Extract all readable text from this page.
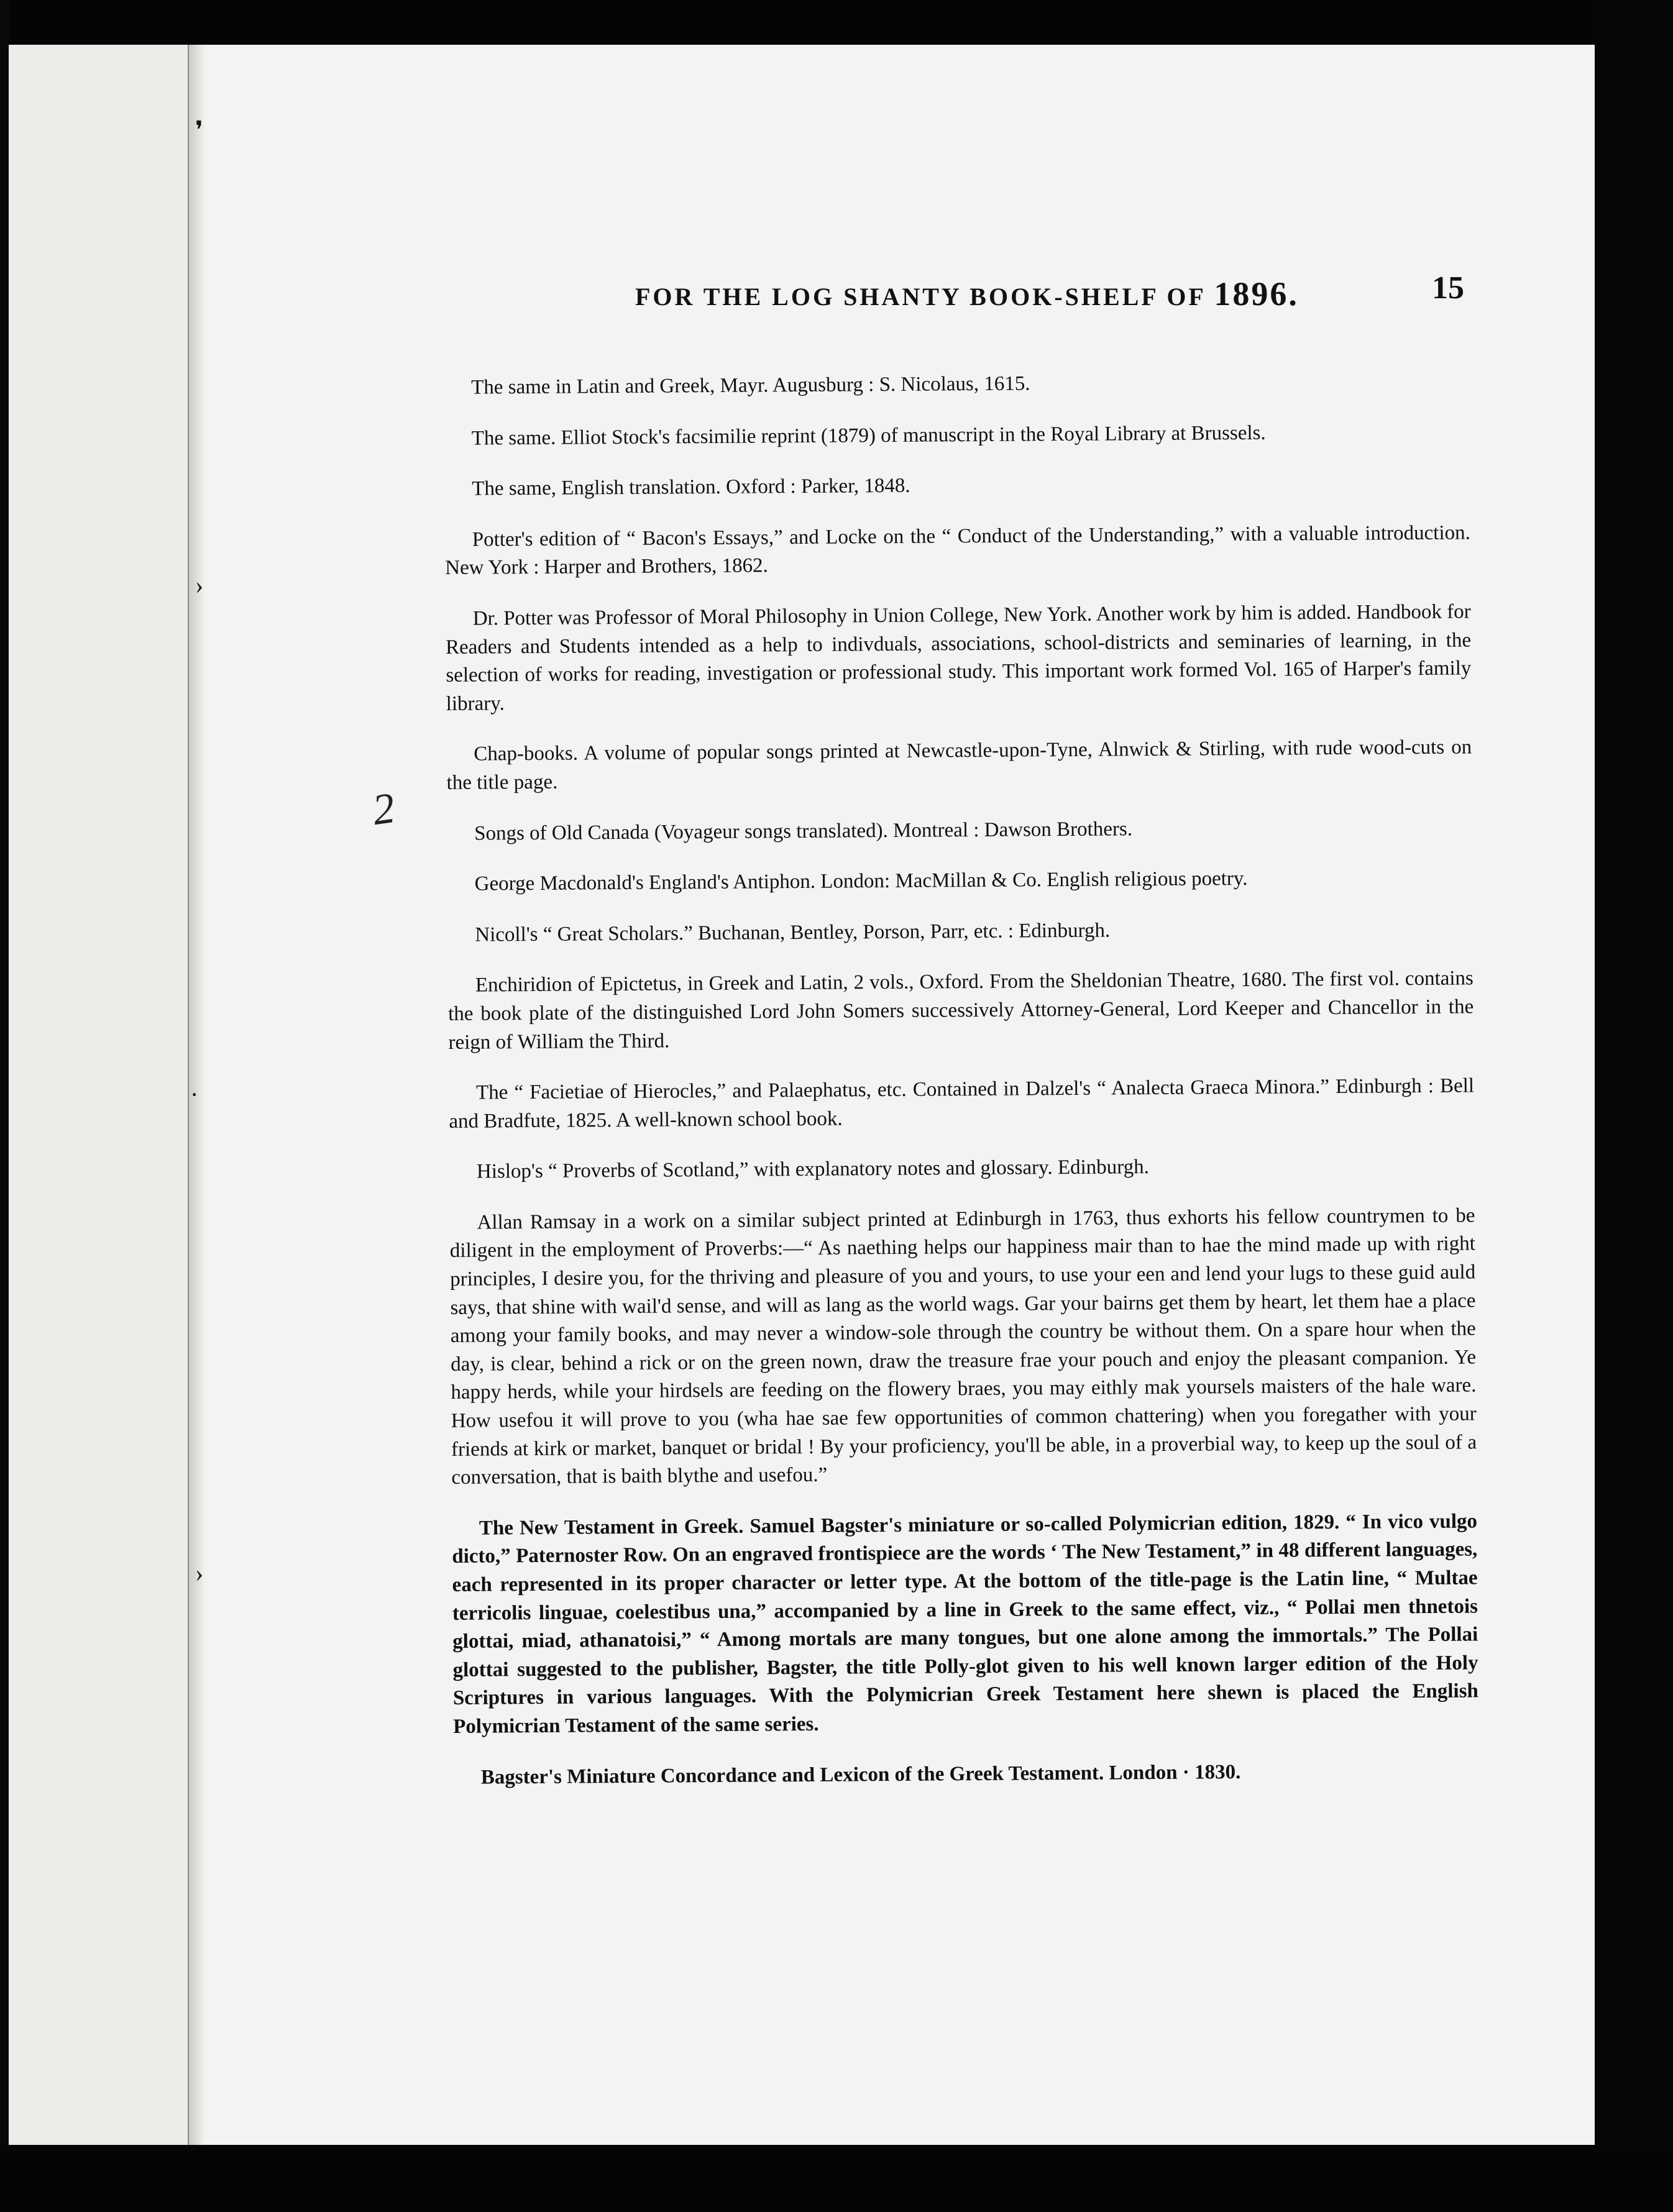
❜
›
·
›
2
FOR THE LOG SHANTY BOOK-SHELF OF 1896.	15

The same in Latin and Greek, Mayr. Augusburg : S. Nicolaus, 1615.

The same. Elliot Stock's facsimilie reprint (1879) of manuscript in the Royal Library at Brussels.

The same, English translation. Oxford : Parker, 1848.

Potter's edition of “ Bacon's Essays,” and Locke on the “ Conduct of the Understanding,” with a valuable introduction. New York : Harper and Brothers, 1862.

Dr. Potter was Professor of Moral Philosophy in Union College, New York. Another work by him is added. Handbook for Readers and Students intended as a help to indivduals, associations, school-districts and seminaries of learning, in the selection of works for reading, investigation or professional study. This important work formed Vol. 165 of Harper's family library.

Chap-books. A volume of popular songs printed at Newcastle-upon-Tyne, Alnwick & Stirling, with rude wood-cuts on the title page.

Songs of Old Canada (Voyageur songs translated). Montreal : Dawson Brothers.

George Macdonald's England's Antiphon. London: MacMillan & Co. English religious poetry.

Nicoll's “ Great Scholars.” Buchanan, Bentley, Porson, Parr, etc. : Edinburgh.

Enchiridion of Epictetus, in Greek and Latin, 2 vols., Oxford. From the Sheldonian Theatre, 1680. The first vol. contains the book plate of the distinguished Lord John Somers successively Attorney-General, Lord Keeper and Chancellor in the reign of William the Third.

The “ Facietiae of Hierocles,” and Palaephatus, etc. Contained in Dalzel's “ Analecta Graeca Minora.” Edinburgh : Bell and Bradfute, 1825. A well-known school book.

Hislop's “ Proverbs of Scotland,” with explanatory notes and glossary. Edinburgh.

Allan Ramsay in a work on a similar subject printed at Edinburgh in 1763, thus exhorts his fellow countrymen to be diligent in the employment of Proverbs:—“ As naething helps our happiness mair than to hae the mind made up with right principles, I desire you, for the thriving and pleasure of you and yours, to use your een and lend your lugs to these guid auld says, that shine with wail'd sense, and will as lang as the world wags. Gar your bairns get them by heart, let them hae a place among your family books, and may never a window-sole through the country be without them. On a spare hour when the day, is clear, behind a rick or on the green nown, draw the treasure frae your pouch and enjoy the pleasant companion. Ye happy herds, while your hirdsels are feeding on the flowery braes, you may eithly mak yoursels maisters of the hale ware. How usefou it will prove to you (wha hae sae few opportunities of common chattering) when you foregather with your friends at kirk or market, banquet or bridal ! By your proficiency, you'll be able, in a proverbial way, to keep up the soul of a conversation, that is baith blythe and usefou.”

The New Testament in Greek. Samuel Bagster's miniature or so-called Polymicrian edition, 1829. “ In vico vulgo dicto,” Paternoster Row. On an engraved frontispiece are the words ‘ The New Testament,” in 48 different languages, each represented in its proper character or letter type. At the bottom of the title-page is the Latin line, “ Multae terricolis linguae, coelestibus una,” accompanied by a line in Greek to the same effect, viz., “ Pollai men thnetois glottai, miad, athanatoisi,” “ Among mortals are many tongues, but one alone among the immortals.” The Pollai glottai suggested to the publisher, Bagster, the title Polly-glot given to his well known larger edition of the Holy Scriptures in various languages. With the Polymicrian Greek Testament here shewn is placed the English Polymicrian Testament of the same series.

Bagster's Miniature Concordance and Lexicon of the Greek Testament. London · 1830.
